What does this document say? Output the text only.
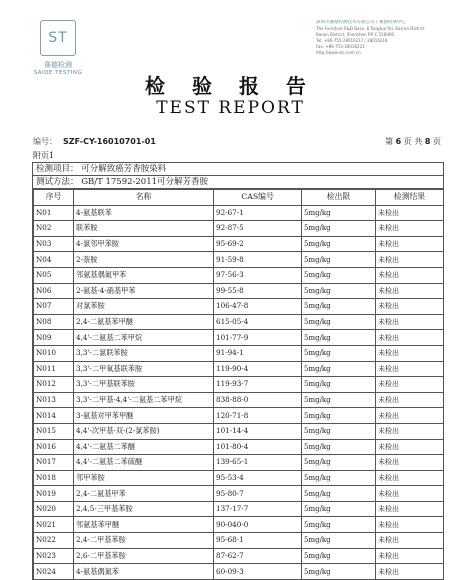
ST
赛德检测
SAIDE TESTING
深圳市赛德检测技术有限公司 / 赛德检测中心
The Furniture R&D Base, 8 Tangtuo Rd, Bao'an District
Baoan District, Shenzhen P.R.C 518000
Tel: +86-755-28016217 / 28016218
Fax: +86-755-28016221
http://www.stc.com.cn
检 验 报 告
TEST REPORT
编号： SZF-CY-16010701-01	第 6 页 共 8 页
附页1
检测项目： 可分解致癌芳香胺染料
测试方法： GB/T 17592-2011可分解芳香胺
序号	名称	CAS编号	检出限	检测结果
N01	4-氨基联苯	92-67-1	5mg/kg	未检出
N02	联苯胺	92-87-5	5mg/kg	未检出
N03	4-氯邻甲苯胺	95-69-2	5mg/kg	未检出
N04	2-萘胺	91-59-8	5mg/kg	未检出
N05	邻氨基偶氮甲苯	97-56-3	5mg/kg	未检出
N06	2-氨基-4-硝基甲苯	99-55-8	5mg/kg	未检出
N07	对氯苯胺	106-47-8	5mg/kg	未检出
N08	2,4-二氨基苯甲醚	615-05-4	5mg/kg	未检出
N09	4,4'-二氨基二苯甲烷	101-77-9	5mg/kg	未检出
N010	3,3'-二氯联苯胺	91-94-1	5mg/kg	未检出
N011	3,3'-二甲氧基联苯胺	119-90-4	5mg/kg	未检出
N012	3,3'-二甲基联苯胺	119-93-7	5mg/kg	未检出
N013	3,3'-二甲基-4,4'-二氨基二苯甲烷	838-88-0	5mg/kg	未检出
N014	3-氨基对甲苯甲醚	120-71-8	5mg/kg	未检出
N015	4,4'-次甲基-双-(2-氯苯胺)	101-14-4	5mg/kg	未检出
N016	4,4'-二氨基二苯醚	101-80-4	5mg/kg	未检出
N017	4,4'-二氨基二苯硫醚	139-65-1	5mg/kg	未检出
N018	邻甲苯胺	95-53-4	5mg/kg	未检出
N019	2,4-二氨基甲苯	95-80-7	5mg/kg	未检出
N020	2,4,5-三甲基苯胺	137-17-7	5mg/kg	未检出
N021	邻氨基苯甲醚	90-040-0	5mg/kg	未检出
N022	2,4-二甲基苯胺	95-68-1	5mg/kg	未检出
N023	2,6-二甲基苯胺	87-62-7	5mg/kg	未检出
N024	4-氨基偶氮苯	60-09-3	5mg/kg	未检出
